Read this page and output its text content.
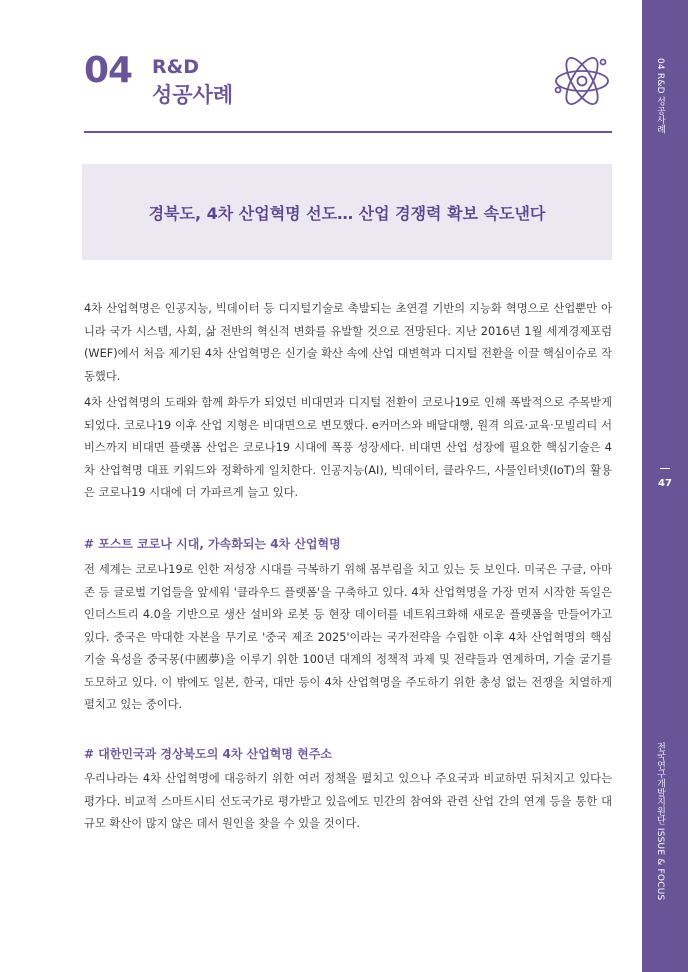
04 R&D 성공사례
47
전국연구개발지원단 ISSUE & FOCUS
04 R&D
성공사례
경북도, 4차 산업혁명 선도… 산업 경쟁력 확보 속도낸다

4차 산업혁명은 인공지능, 빅데이터 등 디지털기술로 촉발되는 초연결 기반의 지능화 혁명으로 산업뿐만 아니라 국가 시스템, 사회, 삶 전반의 혁신적 변화를 유발할 것으로 전망된다. 지난 2016년 1월 세계경제포럼(WEF)에서 처음 제기된 4차 산업혁명은 신기술 확산 속에 산업 대변혁과 디지털 전환을 이끌 핵심이슈로 작동했다.

4차 산업혁명의 도래와 함께 화두가 되었던 비대면과 디지털 전환이 코로나19로 인해 폭발적으로 주목받게 되었다. 코로나19 이후 산업 지형은 비대면으로 변모했다. e커머스와 배달대행, 원격 의료·교육·모빌리티 서비스까지 비대면 플랫폼 산업은 코로나19 시대에 폭풍 성장세다. 비대면 산업 성장에 필요한 핵심기술은 4차 산업혁명 대표 키워드와 정확하게 일치한다. 인공지능(AI), 빅데이터, 클라우드, 사물인터넷(IoT)의 활용은 코로나19 시대에 더 가파르게 늘고 있다.

# 포스트 코로나 시대, 가속화되는 4차 산업혁명

전 세계는 코로나19로 인한 저성장 시대를 극복하기 위해 몸부림을 치고 있는 듯 보인다. 미국은 구글, 아마존 등 글로벌 기업들을 앞세워 '클라우드 플랫폼'을 구축하고 있다. 4차 산업혁명을 가장 먼저 시작한 독일은 인더스트리 4.0을 기반으로 생산 설비와 로봇 등 현장 데이터를 네트워크화해 새로운 플랫폼을 만들어가고 있다. 중국은 막대한 자본을 무기로 '중국 제조 2025'이라는 국가전략을 수립한 이후 4차 산업혁명의 핵심기술 육성을 중국몽(中國夢)을 이루기 위한 100년 대계의 정책적 과제 및 전략들과 연계하며, 기술 굴기를 도모하고 있다. 이 밖에도 일본, 한국, 대만 등이 4차 산업혁명을 주도하기 위한 총성 없는 전쟁을 치열하게 펼치고 있는 중이다.

# 대한민국과 경상북도의 4차 산업혁명 현주소

우리나라는 4차 산업혁명에 대응하기 위한 여러 정책을 펼치고 있으나 주요국과 비교하면 뒤처지고 있다는 평가다. 비교적 스마트시티 선도국가로 평가받고 있음에도 민간의 참여와 관련 산업 간의 연계 등을 통한 대규모 확산이 많지 않은 데서 원인을 찾을 수 있을 것이다.
